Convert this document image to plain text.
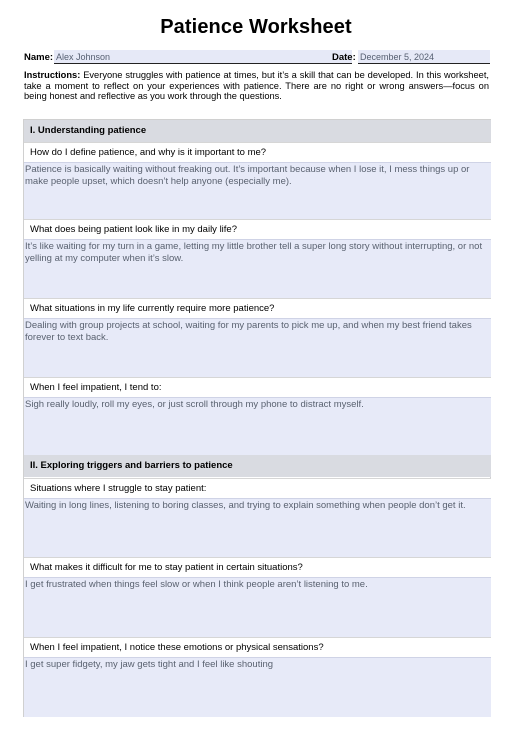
Patience Worksheet
Name: Alex Johnson	Date: December 5, 2024
Instructions: Everyone struggles with patience at times, but it’s a skill that can be developed. In this worksheet, take a moment to reflect on your experiences with patience. There are no right or wrong answers—focus on being honest and reflective as you work through the questions.
I. Understanding patience
How do I define patience, and why is it important to me?
Patience is basically waiting without freaking out. It’s important because when I lose it, I mess things up or make people upset, which doesn’t help anyone (especially me).
What does being patient look like in my daily life?
It’s like waiting for my turn in a game, letting my little brother tell a super long story without interrupting, or not yelling at my computer when it’s slow.
What situations in my life currently require more patience?
Dealing with group projects at school, waiting for my parents to pick me up, and when my best friend takes forever to text back.
When I feel impatient, I tend to:
Sigh really loudly, roll my eyes, or just scroll through my phone to distract myself.
II. Exploring triggers and barriers to patience
Situations where I struggle to stay patient:
Waiting in long lines, listening to boring classes, and trying to explain something when people don’t get it.
What makes it difficult for me to stay patient in certain situations?
I get frustrated when things feel slow or when I think people aren’t listening to me.
When I feel impatient, I notice these emotions or physical sensations?
I get super fidgety, my jaw gets tight and I feel like shouting
